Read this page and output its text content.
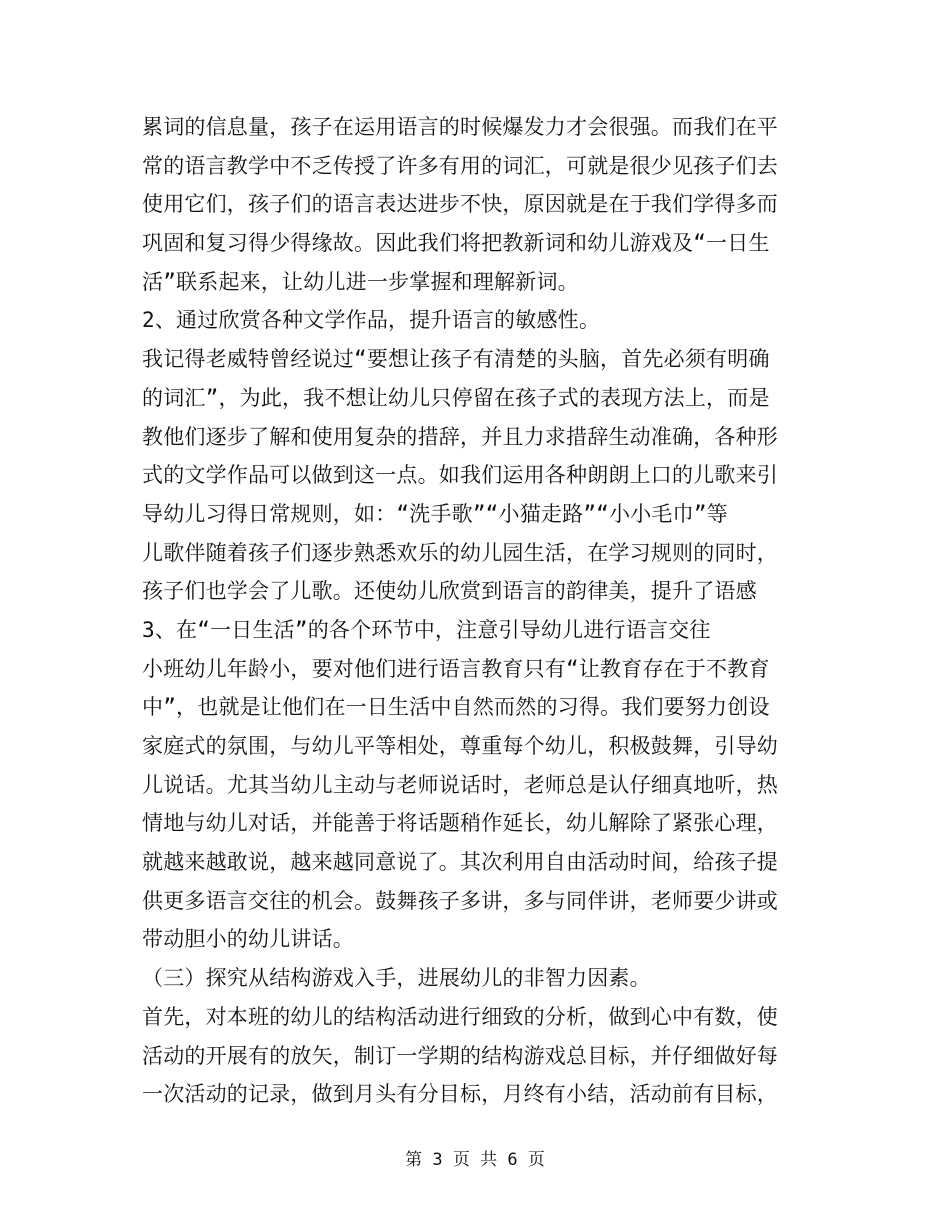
累词的信息量，孩子在运用语言的时候爆发力才会很强。而我们在平
常的语言教学中不乏传授了许多有用的词汇，可就是很少见孩子们去
使用它们，孩子们的语言表达进步不快，原因就是在于我们学得多而
巩固和复习得少得缘故。因此我们将把教新词和幼儿游戏及“一日生
活”联系起来，让幼儿进一步掌握和理解新词。
2、通过欣赏各种文学作品，提升语言的敏感性。
我记得老威特曾经说过“要想让孩子有清楚的头脑，首先必须有明确
的词汇”，为此，我不想让幼儿只停留在孩子式的表现方法上，而是
教他们逐步了解和使用复杂的措辞，并且力求措辞生动准确，各种形
式的文学作品可以做到这一点。如我们运用各种朗朗上口的儿歌来引
导幼儿习得日常规则，如：“洗手歌”“小猫走路”“小小毛巾”等
儿歌伴随着孩子们逐步熟悉欢乐的幼儿园生活，在学习规则的同时，
孩子们也学会了儿歌。还使幼儿欣赏到语言的韵律美，提升了语感
3、在“一日生活”的各个环节中，注意引导幼儿进行语言交往
小班幼儿年龄小，要对他们进行语言教育只有“让教育存在于不教育
中”，也就是让他们在一日生活中自然而然的习得。我们要努力创设
家庭式的氛围，与幼儿平等相处，尊重每个幼儿，积极鼓舞，引导幼
儿说话。尤其当幼儿主动与老师说话时，老师总是认仔细真地听，热
情地与幼儿对话，并能善于将话题稍作延长，幼儿解除了紧张心理，
就越来越敢说，越来越同意说了。其次利用自由活动时间，给孩子提
供更多语言交往的机会。鼓舞孩子多讲，多与同伴讲，老师要少讲或
带动胆小的幼儿讲话。
（三）探究从结构游戏入手，进展幼儿的非智力因素。
首先，对本班的幼儿的结构活动进行细致的分析，做到心中有数，使
活动的开展有的放矢，制订一学期的结构游戏总目标，并仔细做好每
一次活动的记录，做到月头有分目标，月终有小结，活动前有目标，
第 3 页 共 6 页
